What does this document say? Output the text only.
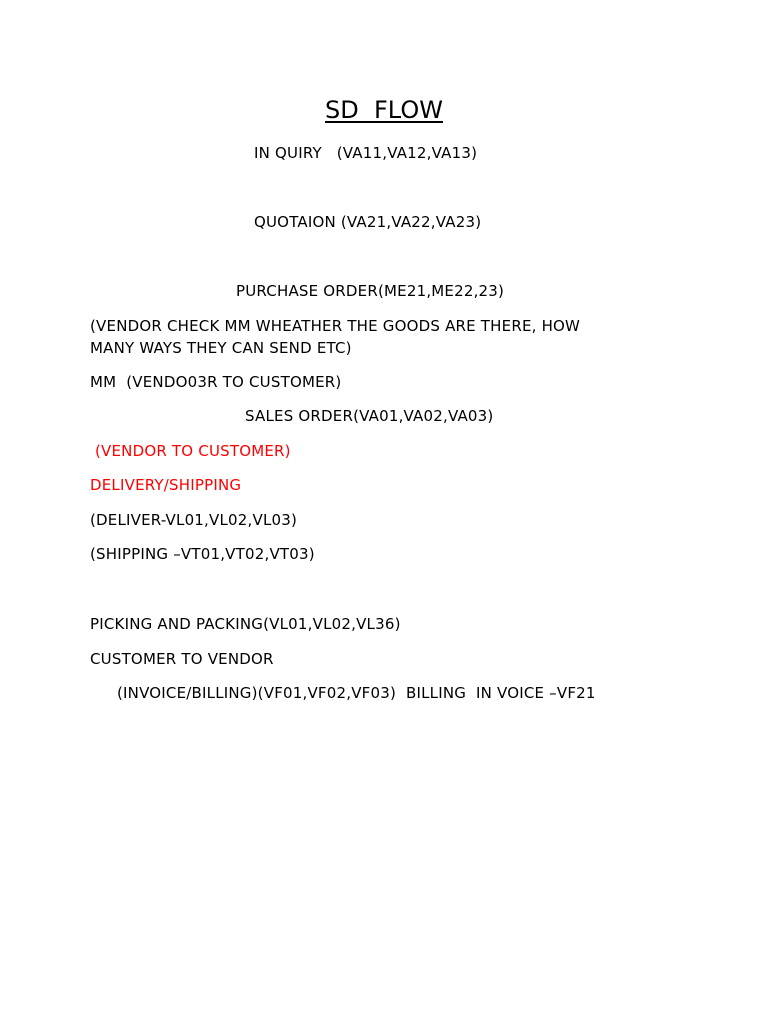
SD  FLOW
IN QUIRY   (VA11,VA12,VA13)
QUOTAION (VA21,VA22,VA23)
PURCHASE ORDER(ME21,ME22,23)
(VENDOR CHECK MM WHEATHER THE GOODS ARE THERE, HOW
MANY WAYS THEY CAN SEND ETC)
MM  (VENDO03R TO CUSTOMER)
SALES ORDER(VA01,VA02,VA03)
(VENDOR TO CUSTOMER)
DELIVERY/SHIPPING
(DELIVER-VL01,VL02,VL03)
(SHIPPING –VT01,VT02,VT03)
PICKING AND PACKING(VL01,VL02,VL36)
CUSTOMER TO VENDOR
(INVOICE/BILLING)(VF01,VF02,VF03)  BILLING  IN VOICE –VF21
